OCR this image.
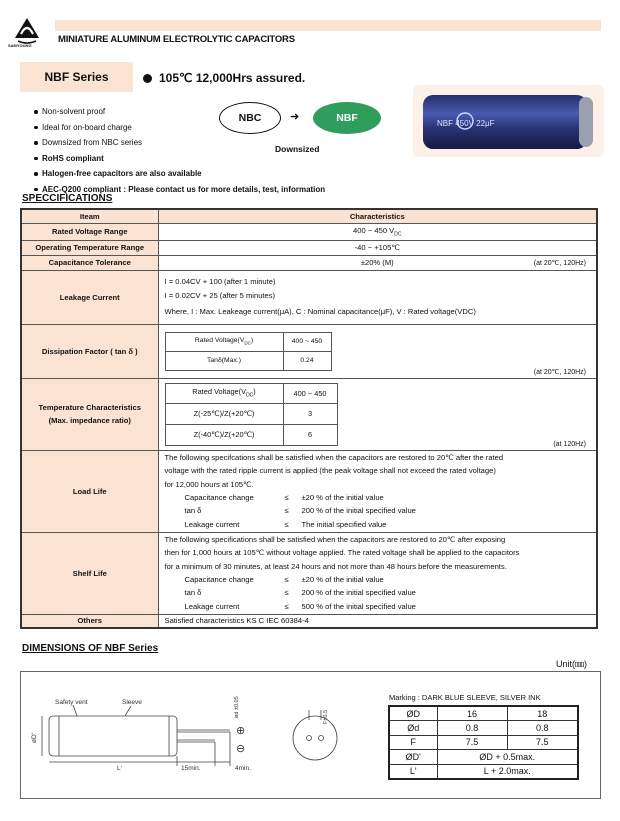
SAMYOUNG
MINIATURE ALUMINUM ELECTROLYTIC CAPACITORS
NBF Series	105℃ 12,000Hrs assured.
Non-solvent proof
Ideal for on-board charge
Downsized from NBC series
RoHS compliant
Halogen-free capacitors are also available
AEC-Q200 compliant : Please contact us for more details, test, information
NBC	➜	NBF
Downsized
NBF 450V 22μF
SPECCIFICATIONS
Iteam	Characteristics
Rated Voltage Range	400 ~ 450 $V_{DC}$
Operating Temperature Range	-40 ~ +105℃
Capacitance Tolerance	±20% (M)	(at 20℃, 120Hz)

Leakage Current	
I = 0.04CV + 100 (after 1 minute)
I = 0.02CV + 25 (after 5 minutes)
Where, I : Max. Leakeage current(μA), C : Nominal capacitance(μF), V : Rated voltage(VDC)

Dissipation Factor ( tan δ )	
Rated $Voltage(V_{DC})$	400 ~ 450
Tanδ(Max.)	0.24
(at 20℃, 120Hz)

Temperature Characteristics
(Max. impedance ratio)

Rated $Voltage(V_{DC})$	400 ~ 450
Z(-25℃)/Z(+20℃)	3
Z(-40℃)/Z(+20℃)	6
(at 120Hz)

Load Life	
The following specifcations shall be satisfied when the capacitors are restored to 20℃ after the rated
voltage with the rated ripple current is applied (the peak voltage shall not exceed the rated voltage)
for 12,000 hours at 105℃.
Capacitance change	≤	±20 % of the initial value
tan δ	≤	200 % of the initial specified value
Leakage current	≤	The initial specified value

Shelf Life	
The following specifications shall be satisfied when the capacitors are restored to 20℃ after exposing
then for 1,000 hours at 105℃ without voltage applied. The rated voltage shall be applied to the capacitors
for a minimum of 30 minutes, at least 24 hours and not more than 48 hours before the measurements.
Capacitance change	≤	±20 % of the initial value
tan δ	≤	200 % of the initial specified value
Leakage current	≤	500 % of the initial specified value

Others	Satisfied characteristics KS C IEC 60384-4
DIMENSIONS OF NBF Series
Unit(㎜)
Safety vent	Sleeve
øD'
ød ±0.05
L'	15min.	4min.
F±0.5
⊕
⊖
Marking : DARK BLUE SLEEVE, SILVER INK
ØD	16	18
Ød	0.8	0.8
F	7.5	7.5
ØD'	ØD + 0.5max.	
L'	L + 2.0max.	
